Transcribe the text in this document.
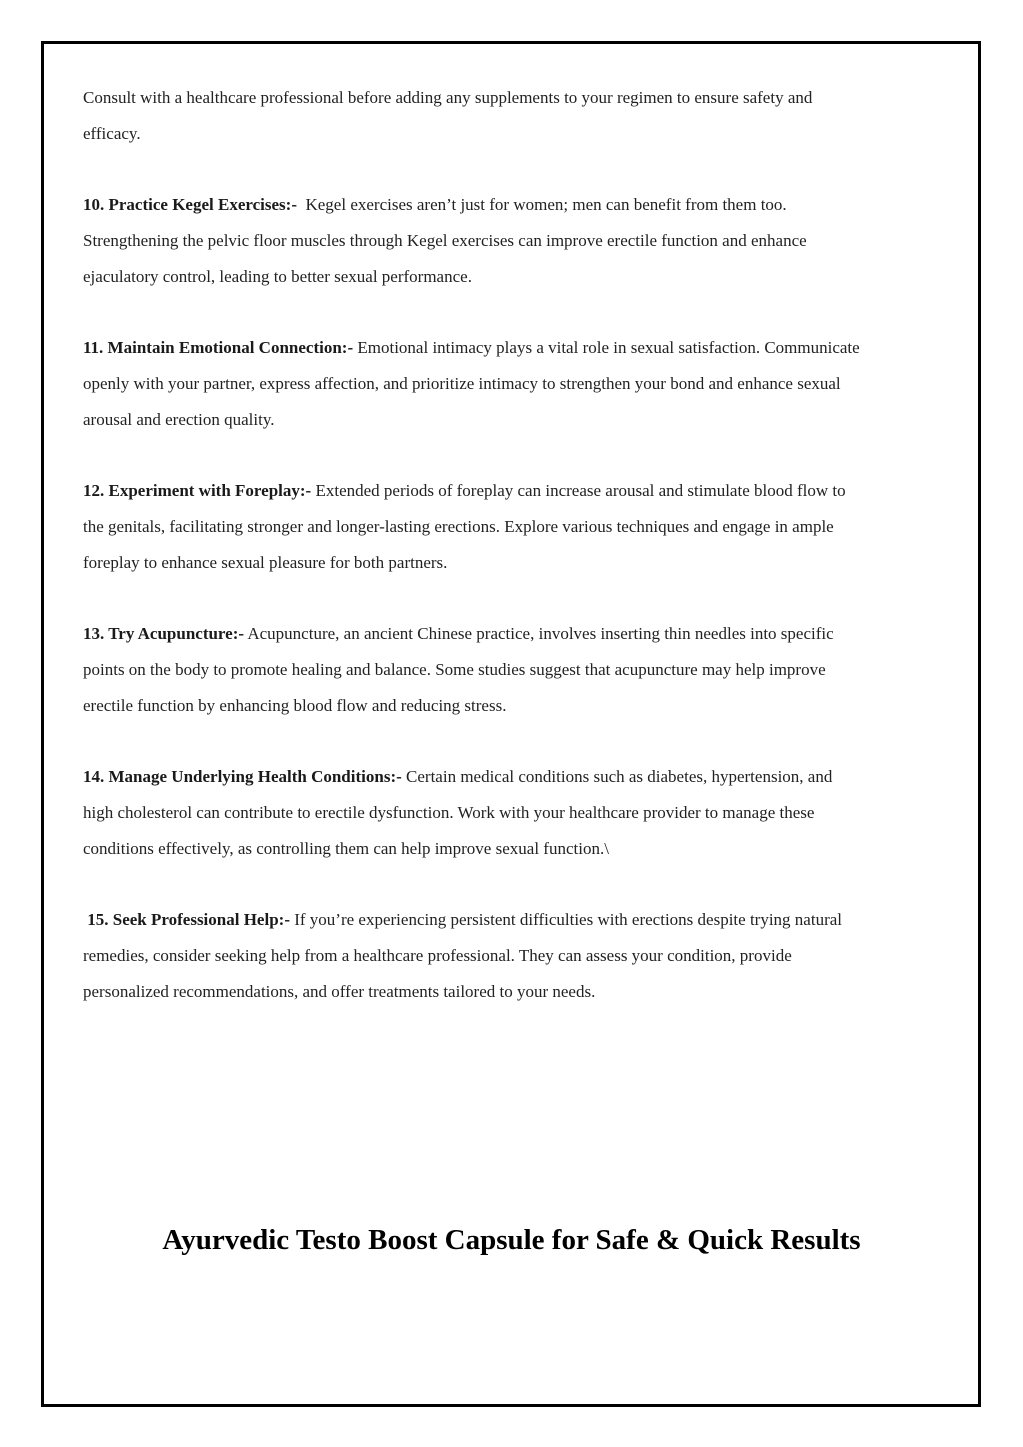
Consult with a healthcare professional before adding any supplements to your regimen to ensure safety and efficacy.

10. Practice Kegel Exercises:- Kegel exercises aren’t just for women; men can benefit from them too. Strengthening the pelvic floor muscles through Kegel exercises can improve erectile function and enhance ejaculatory control, leading to better sexual performance.

11. Maintain Emotional Connection:- Emotional intimacy plays a vital role in sexual satisfaction. Communicate openly with your partner, express affection, and prioritize intimacy to strengthen your bond and enhance sexual arousal and erection quality.

12. Experiment with Foreplay:- Extended periods of foreplay can increase arousal and stimulate blood flow to the genitals, facilitating stronger and longer-lasting erections. Explore various techniques and engage in ample foreplay to enhance sexual pleasure for both partners.

13. Try Acupuncture:- Acupuncture, an ancient Chinese practice, involves inserting thin needles into specific points on the body to promote healing and balance. Some studies suggest that acupuncture may help improve erectile function by enhancing blood flow and reducing stress.

14. Manage Underlying Health Conditions:- Certain medical conditions such as diabetes, hypertension, and high cholesterol can contribute to erectile dysfunction. Work with your healthcare provider to manage these conditions effectively, as controlling them can help improve sexual function.\

15. Seek Professional Help:- If you’re experiencing persistent difficulties with erections despite trying natural remedies, consider seeking help from a healthcare professional. They can assess your condition, provide personalized recommendations, and offer treatments tailored to your needs.

Ayurvedic Testo Boost Capsule for Safe & Quick Results
